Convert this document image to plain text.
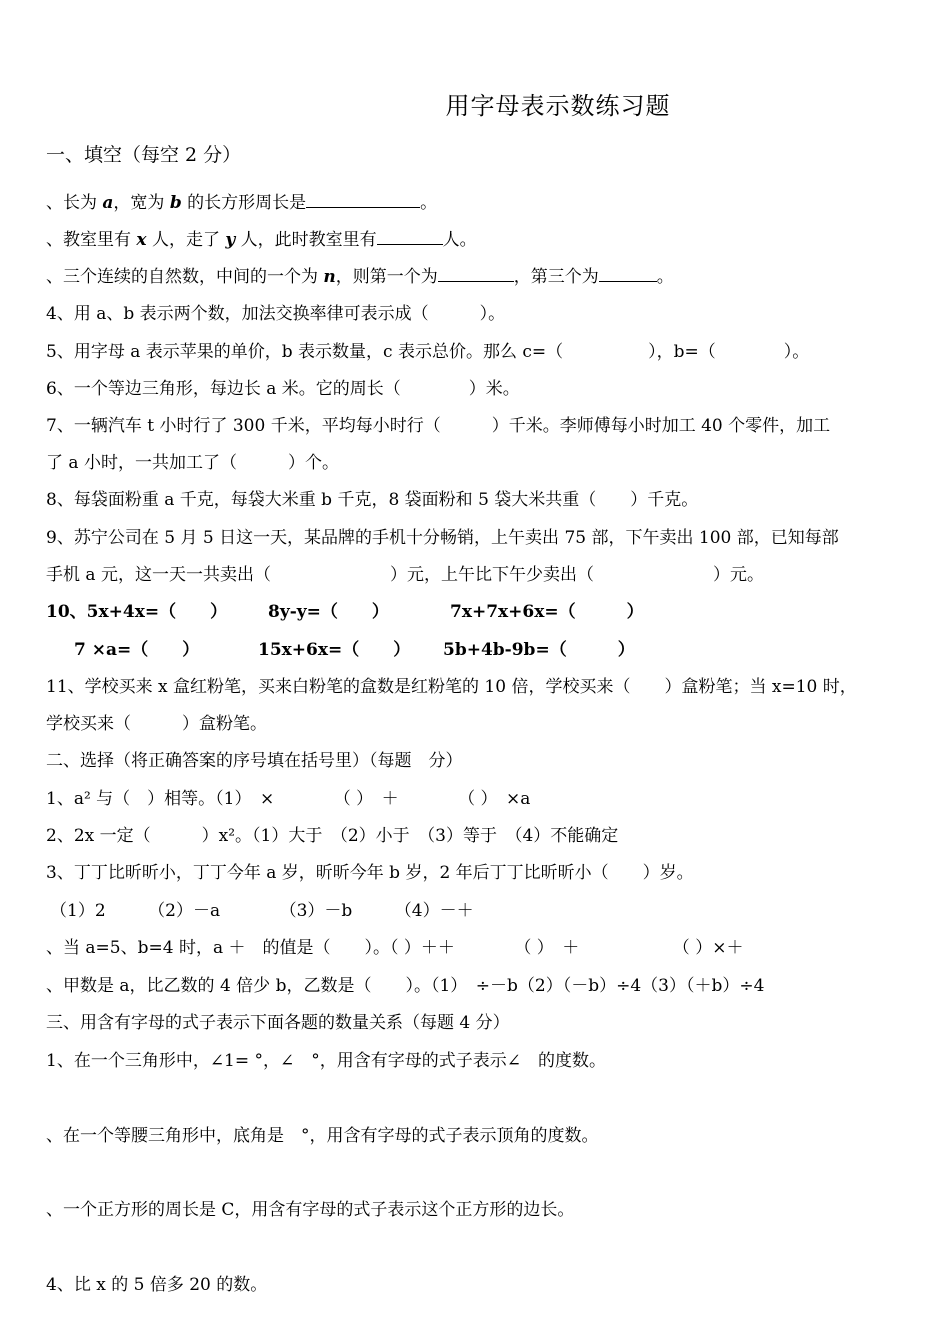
用字母表示数练习题
一、填空（每空 2 分）
、长为 a，宽为 b 的长方形周长是	。
、教室里有 x 人，走了 y 人，此时教室里有	人。
、三个连续的自然数，中间的一个为 n，则第一个为	，第三个为	。
4、用 a、b 表示两个数，加法交换率律可表示成（　　　）。
5、用字母 a 表示苹果的单价，b 表示数量，c 表示总价。那么 c=（　　　　　），b=（　　　　）。
6、一个等边三角形，每边长 a 米。它的周长（　　　　）米。
7、一辆汽车 t 小时行了 300 千米，平均每小时行（　　　）千米。李师傅每小时加工 40 个零件，加工
了 a 小时，一共加工了（　　　）个。
8、每袋面粉重 a 千克，每袋大米重 b 千克，8 袋面粉和 5 袋大米共重（　　）千克。
9、苏宁公司在 5 月 5 日这一天，某品牌的手机十分畅销，上午卖出 75 部，下午卖出 100 部，已知每部
手机 a 元，这一天一共卖出（　　　　　　　）元，上午比下午少卖出（　　　　　　　）元。
10、5x+4x=（　　） 8y-y=（　　）	7x+7x+6x=（　　　）
7 ×a=（　　）	15x+6x=（　　） 5b+4b-9b=（　　　）
11、学校买来 x 盒红粉笔，买来白粉笔的盒数是红粉笔的 10 倍，学校买来（　　）盒粉笔；当 x=10 时，
学校买来（　　　）盒粉笔。
二、选择（将正确答案的序号填在括号里）（每题　分）
1、a² 与（　）相等。（1）　×　　　　（ ）　＋　　　　（ ）　×a
2、2x 一定（　　　）x²。（1）大于　（2）小于　（3）等于　（4）不能确定
3、丁丁比昕昕小，丁丁今年 a 岁，昕昕今年 b 岁，2 年后丁丁比昕昕小（　　）岁。
（1）2　　　（2）－a　　　　（3）－b　　　（4）－＋
、当 a=5、b=4 时，a ＋　的值是（　　）。（ ）＋＋　　　　（ ）　＋　　　　　　（ ）×＋
、甲数是 a，比乙数的 4 倍少 b，乙数是（　　）。（1）　÷－b（2）（－b）÷4（3）（＋b）÷4
三、用含有字母的式子表示下面各题的数量关系（每题 4 分）
1、在一个三角形中，∠1= °，∠　°，用含有字母的式子表示∠　的度数。
、在一个等腰三角形中，底角是　°，用含有字母的式子表示顶角的度数。
、一个正方形的周长是 C，用含有字母的式子表示这个正方形的边长。
4、比 x 的 5 倍多 20 的数。
